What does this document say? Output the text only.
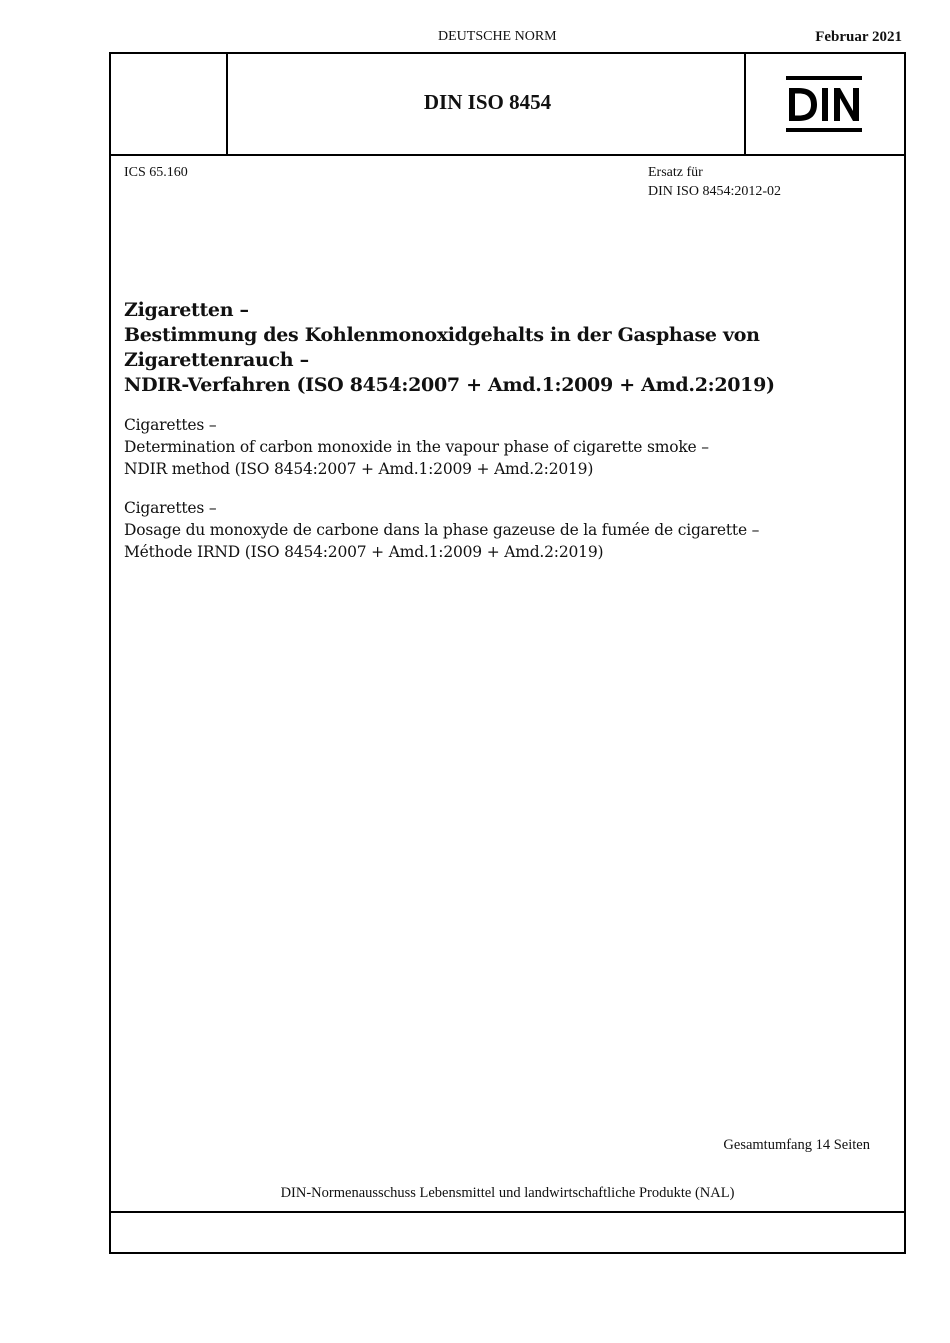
DEUTSCHE NORM	Februar 2021
DIN ISO 8454
ICS 65.160	Ersatz für
DIN ISO 8454:2012-02
Zigaretten –
Bestimmung des Kohlenmonoxidgehalts in der Gasphase von
Zigarettenrauch –
NDIR-Verfahren (ISO 8454:2007 + Amd.1:2009 + Amd.2:2019)
Cigarettes –
Determination of carbon monoxide in the vapour phase of cigarette smoke –
NDIR method (ISO 8454:2007 + Amd.1:2009 + Amd.2:2019)
Cigarettes –
Dosage du monoxyde de carbone dans la phase gazeuse de la fumée de cigarette –
Méthode IRND (ISO 8454:2007 + Amd.1:2009 + Amd.2:2019)
Gesamtumfang 14 Seiten
DIN-Normenausschuss Lebensmittel und landwirtschaftliche Produkte (NAL)
